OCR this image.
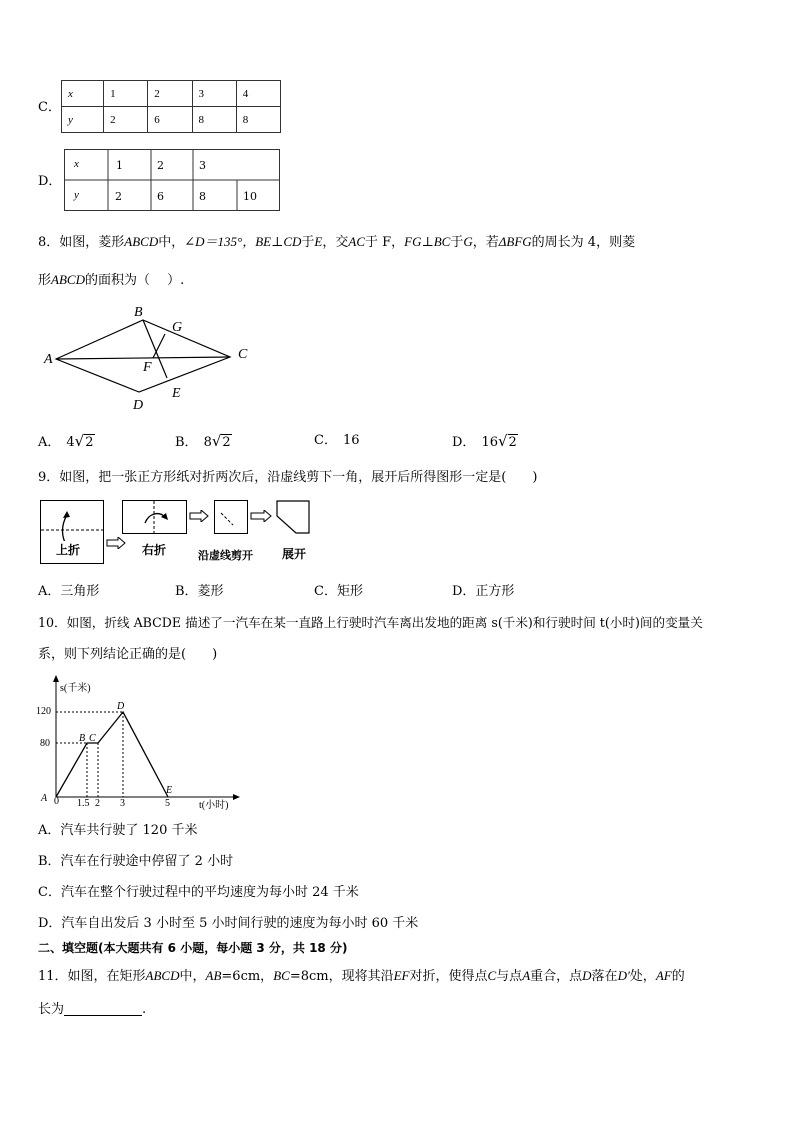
C．
x	1	2	3	4
y	2	6	8	8
D．
x	1	2	3
y	2	6	8	10
8．如图，菱形ABCD中，∠D＝135°，BE⊥CD于E，交AC于 F，FG⊥BC于G，若ΔBFG的周长为 4，则菱
形ABCD的面积为（　 ）.
B
G
A	C
F
E
D
A． 4√2	B． 8√2	C． 16	D． 16√2
9．如图，把一张正方形纸对折两次后，沿虚线剪下一角，展开后所得图形一定是(　　)
上折	右折	沿虚线剪开 展开
A．三角形	B．菱形	C．矩形	D．正方形
10．如图，折线 ABCDE 描述了一汽车在某一直路上行驶时汽车离出发地的距离 s(千米)和行驶时间 t(小时)间的变量关
系，则下列结论正确的是(　　)
s(千米)
t(小时)
120
80
0 1.5 2 3	5
A
B C
D
E
A．汽车共行驶了 120 千米
B．汽车在行驶途中停留了 2 小时
C．汽车在整个行驶过程中的平均速度为每小时 24 千米
D．汽车自出发后 3 小时至 5 小时间行驶的速度为每小时 60 千米
二、填空题(本大题共有 6 小题，每小题 3 分，共 18 分)
11．如图，在矩形ABCD中，AB=6cm，BC=8cm，现将其沿EF对折，使得点C与点A重合，点D落在D′处，AF的
长为	.
